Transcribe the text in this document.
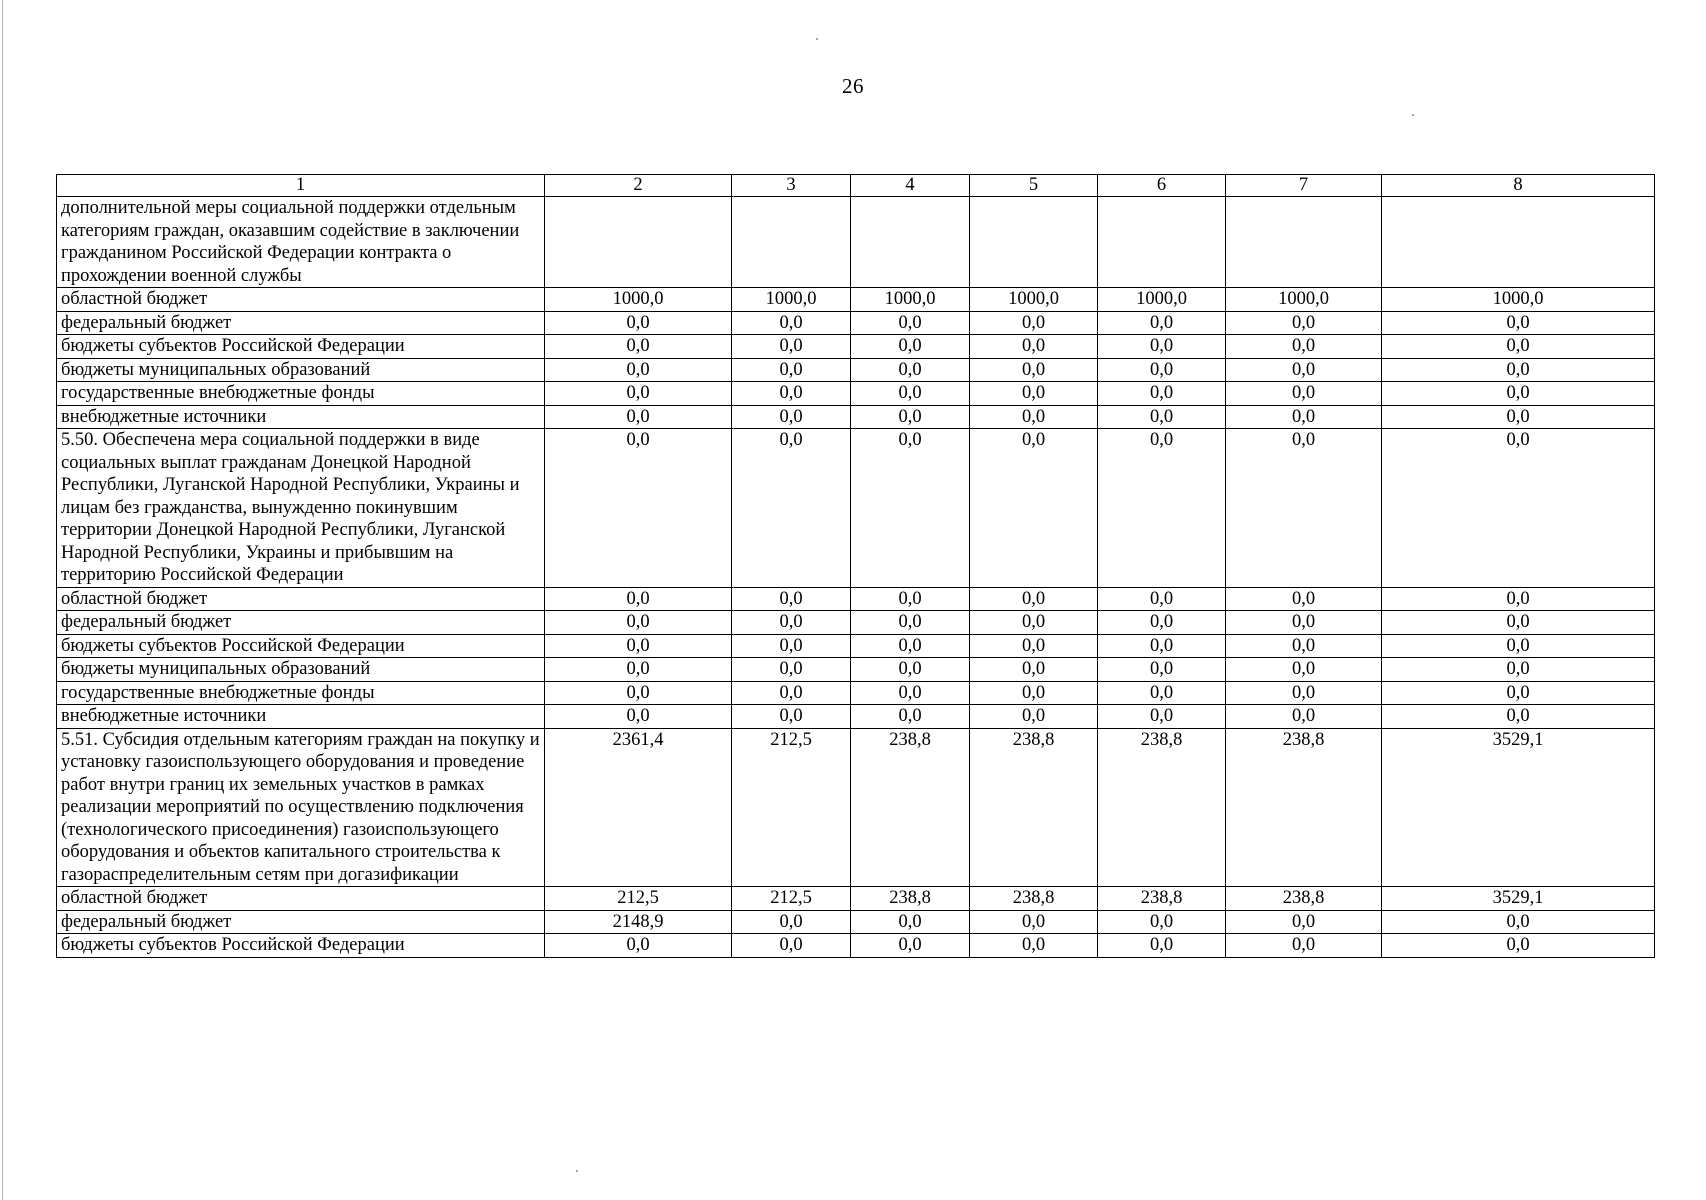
26
1	2	3	4	5	6	7	8
дополнительной меры социальной поддержки отдельным категориям граждан, оказавшим содействие в заключении гражданином Российской Федерации контракта о прохождении военной службы							
областной бюджет	1000,0	1000,0	1000,0	1000,0	1000,0	1000,0	1000,0
федеральный бюджет	0,0	0,0	0,0	0,0	0,0	0,0	0,0
бюджеты субъектов Российской Федерации	0,0	0,0	0,0	0,0	0,0	0,0	0,0
бюджеты муниципальных образований	0,0	0,0	0,0	0,0	0,0	0,0	0,0
государственные внебюджетные фонды	0,0	0,0	0,0	0,0	0,0	0,0	0,0
внебюджетные источники	0,0	0,0	0,0	0,0	0,0	0,0	0,0
5.50. Обеспечена мера социальной поддержки в виде социальных выплат гражданам Донецкой Народной Республики, Луганской Народной Республики, Украины и лицам без гражданства, вынужденно покинувшим территории Донецкой Народной Республики, Луганской Народной Республики, Украины и прибывшим на территорию Российской Федерации	0,0	0,0	0,0	0,0	0,0	0,0	0,0
областной бюджет	0,0	0,0	0,0	0,0	0,0	0,0	0,0
федеральный бюджет	0,0	0,0	0,0	0,0	0,0	0,0	0,0
бюджеты субъектов Российской Федерации	0,0	0,0	0,0	0,0	0,0	0,0	0,0
бюджеты муниципальных образований	0,0	0,0	0,0	0,0	0,0	0,0	0,0
государственные внебюджетные фонды	0,0	0,0	0,0	0,0	0,0	0,0	0,0
внебюджетные источники	0,0	0,0	0,0	0,0	0,0	0,0	0,0
5.51. Субсидия отдельным категориям граждан на покупку и установку газоиспользующего оборудования и проведение работ внутри границ их земельных участков в рамках реализации мероприятий по осуществлению подключения (технологического присоединения) газоиспользующего оборудования и объектов капитального строительства к газораспределительным сетям при догазификации	2361,4	212,5	238,8	238,8	238,8	238,8	3529,1
областной бюджет	212,5	212,5	238,8	238,8	238,8	238,8	3529,1
федеральный бюджет	2148,9	0,0	0,0	0,0	0,0	0,0	0,0
бюджеты субъектов Российской Федерации	0,0	0,0	0,0	0,0	0,0	0,0	0,0
